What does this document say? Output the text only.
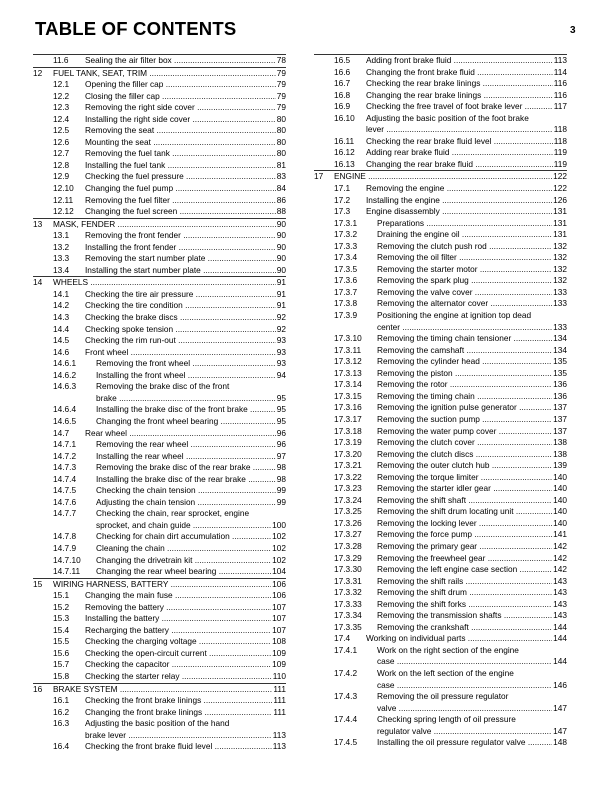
TABLE OF CONTENTS	3
11.6 Sealing the air filter box .....	78
12 FUEL TANK, SEAT, TRIM .....	79
12.1 Opening the filler cap .....	79
12.2 Closing the filler cap .....	79
12.3 Removing the right side cover .....	79
12.4 Installing the right side cover .....	80
12.5 Removing the seat .....	80
12.6 Mounting the seat .....	80
12.7 Removing the fuel tank .....	80
12.8 Installing the fuel tank .....	81
12.9 Checking the fuel pressure .....	83
12.10 Changing the fuel pump .....	84
12.11 Removing the fuel filter .....	86
12.12 Changing the fuel screen .....	88
13 MASK, FENDER .....	90
13.1 Removing the front fender .....	90
13.2 Installing the front fender .....	90
13.3 Removing the start number plate .....	90
13.4 Installing the start number plate .....	90
14 WHEELS .....	91
14.1 Checking the tire air pressure .....	91
14.2 Checking the tire condition .....	91
14.3 Checking the brake discs .....	92
14.4 Checking spoke tension .....	92
14.5 Checking the rim run-out .....	93
14.6 Front wheel .....	93
14.6.1 Removing the front wheel .....	93
14.6.2 Installing the front wheel .....	94
14.6.3 Removing the brake disc of the front
brake .....	95
14.6.4 Installing the brake disc of the front brake .....	95
14.6.5 Changing the front wheel bearing .....	95
14.7 Rear wheel .....	96
14.7.1 Removing the rear wheel .....	96
14.7.2 Installing the rear wheel .....	97
14.7.3 Removing the brake disc of the rear brake .....	98
14.7.4 Installing the brake disc of the rear brake .....	98
14.7.5 Checking the chain tension .....	99
14.7.6 Adjusting the chain tension .....	99
14.7.7 Checking the chain, rear sprocket, engine
sprocket, and chain guide .....	100
14.7.8 Checking for chain dirt accumulation .....	102
14.7.9 Cleaning the chain .....	102
14.7.10 Changing the drivetrain kit .....	102
14.7.11 Changing the rear wheel bearing .....	104
15 WIRING HARNESS, BATTERY .....	106
15.1 Changing the main fuse .....	106
15.2 Removing the battery .....	107
15.3 Installing the battery .....	107
15.4 Recharging the battery .....	107
15.5 Checking the charging voltage .....	108
15.6 Checking the open-circuit current .....	109
15.7 Checking the capacitor .....	109
15.8 Checking the starter relay .....	110
16 BRAKE SYSTEM .....	111
16.1 Checking the front brake linings .....	111
16.2 Changing the front brake linings .....	111
16.3 Adjusting the basic position of the hand
brake lever .....	113
16.4 Checking the front brake fluid level .....	113
16.5 Adding front brake fluid .....	113
16.6 Changing the front brake fluid .....	114
16.7 Checking the rear brake linings .....	116
16.8 Changing the rear brake linings .....	116
16.9 Checking the free travel of foot brake lever .....	117
16.10 Adjusting the basic position of the foot brake
lever .....	118
16.11 Checking the rear brake fluid level .....	118
16.12 Adding rear brake fluid .....	119
16.13 Changing the rear brake fluid .....	119
17 ENGINE .....	122
17.1 Removing the engine .....	122
17.2 Installing the engine .....	126
17.3 Engine disassembly .....	131
17.3.1 Preparations .....	131
17.3.2 Draining the engine oil .....	131
17.3.3 Removing the clutch push rod .....	132
17.3.4 Removing the oil filter .....	132
17.3.5 Removing the starter motor .....	132
17.3.6 Removing the spark plug .....	132
17.3.7 Removing the valve cover .....	133
17.3.8 Removing the alternator cover .....	133
17.3.9 Positioning the engine at ignition top dead
center .....	133
17.3.10 Removing the timing chain tensioner .....	134
17.3.11 Removing the camshaft .....	134
17.3.12 Removing the cylinder head .....	135
17.3.13 Removing the piston .....	135
17.3.14 Removing the rotor .....	136
17.3.15 Removing the timing chain .....	136
17.3.16 Removing the ignition pulse generator .....	137
17.3.17 Removing the suction pump .....	137
17.3.18 Removing the water pump cover .....	137
17.3.19 Removing the clutch cover .....	138
17.3.20 Removing the clutch discs .....	138
17.3.21 Removing the outer clutch hub .....	139
17.3.22 Removing the torque limiter .....	140
17.3.23 Removing the starter idler gear .....	140
17.3.24 Removing the shift shaft .....	140
17.3.25 Removing the shift drum locating unit .....	140
17.3.26 Removing the locking lever .....	140
17.3.27 Removing the force pump .....	141
17.3.28 Removing the primary gear .....	142
17.3.29 Removing the freewheel gear .....	142
17.3.30 Removing the left engine case section .....	142
17.3.31 Removing the shift rails .....	143
17.3.32 Removing the shift drum .....	143
17.3.33 Removing the shift forks .....	143
17.3.34 Removing the transmission shafts .....	143
17.3.35 Removing the crankshaft .....	144
17.4 Working on individual parts .....	144
17.4.1 Work on the right section of the engine
case .....	144
17.4.2 Work on the left section of the engine
case .....	146
17.4.3 Removing the oil pressure regulator
valve .....	147
17.4.4 Checking spring length of oil pressure
regulator valve .....	147
17.4.5 Installing the oil pressure regulator valve .....	148
